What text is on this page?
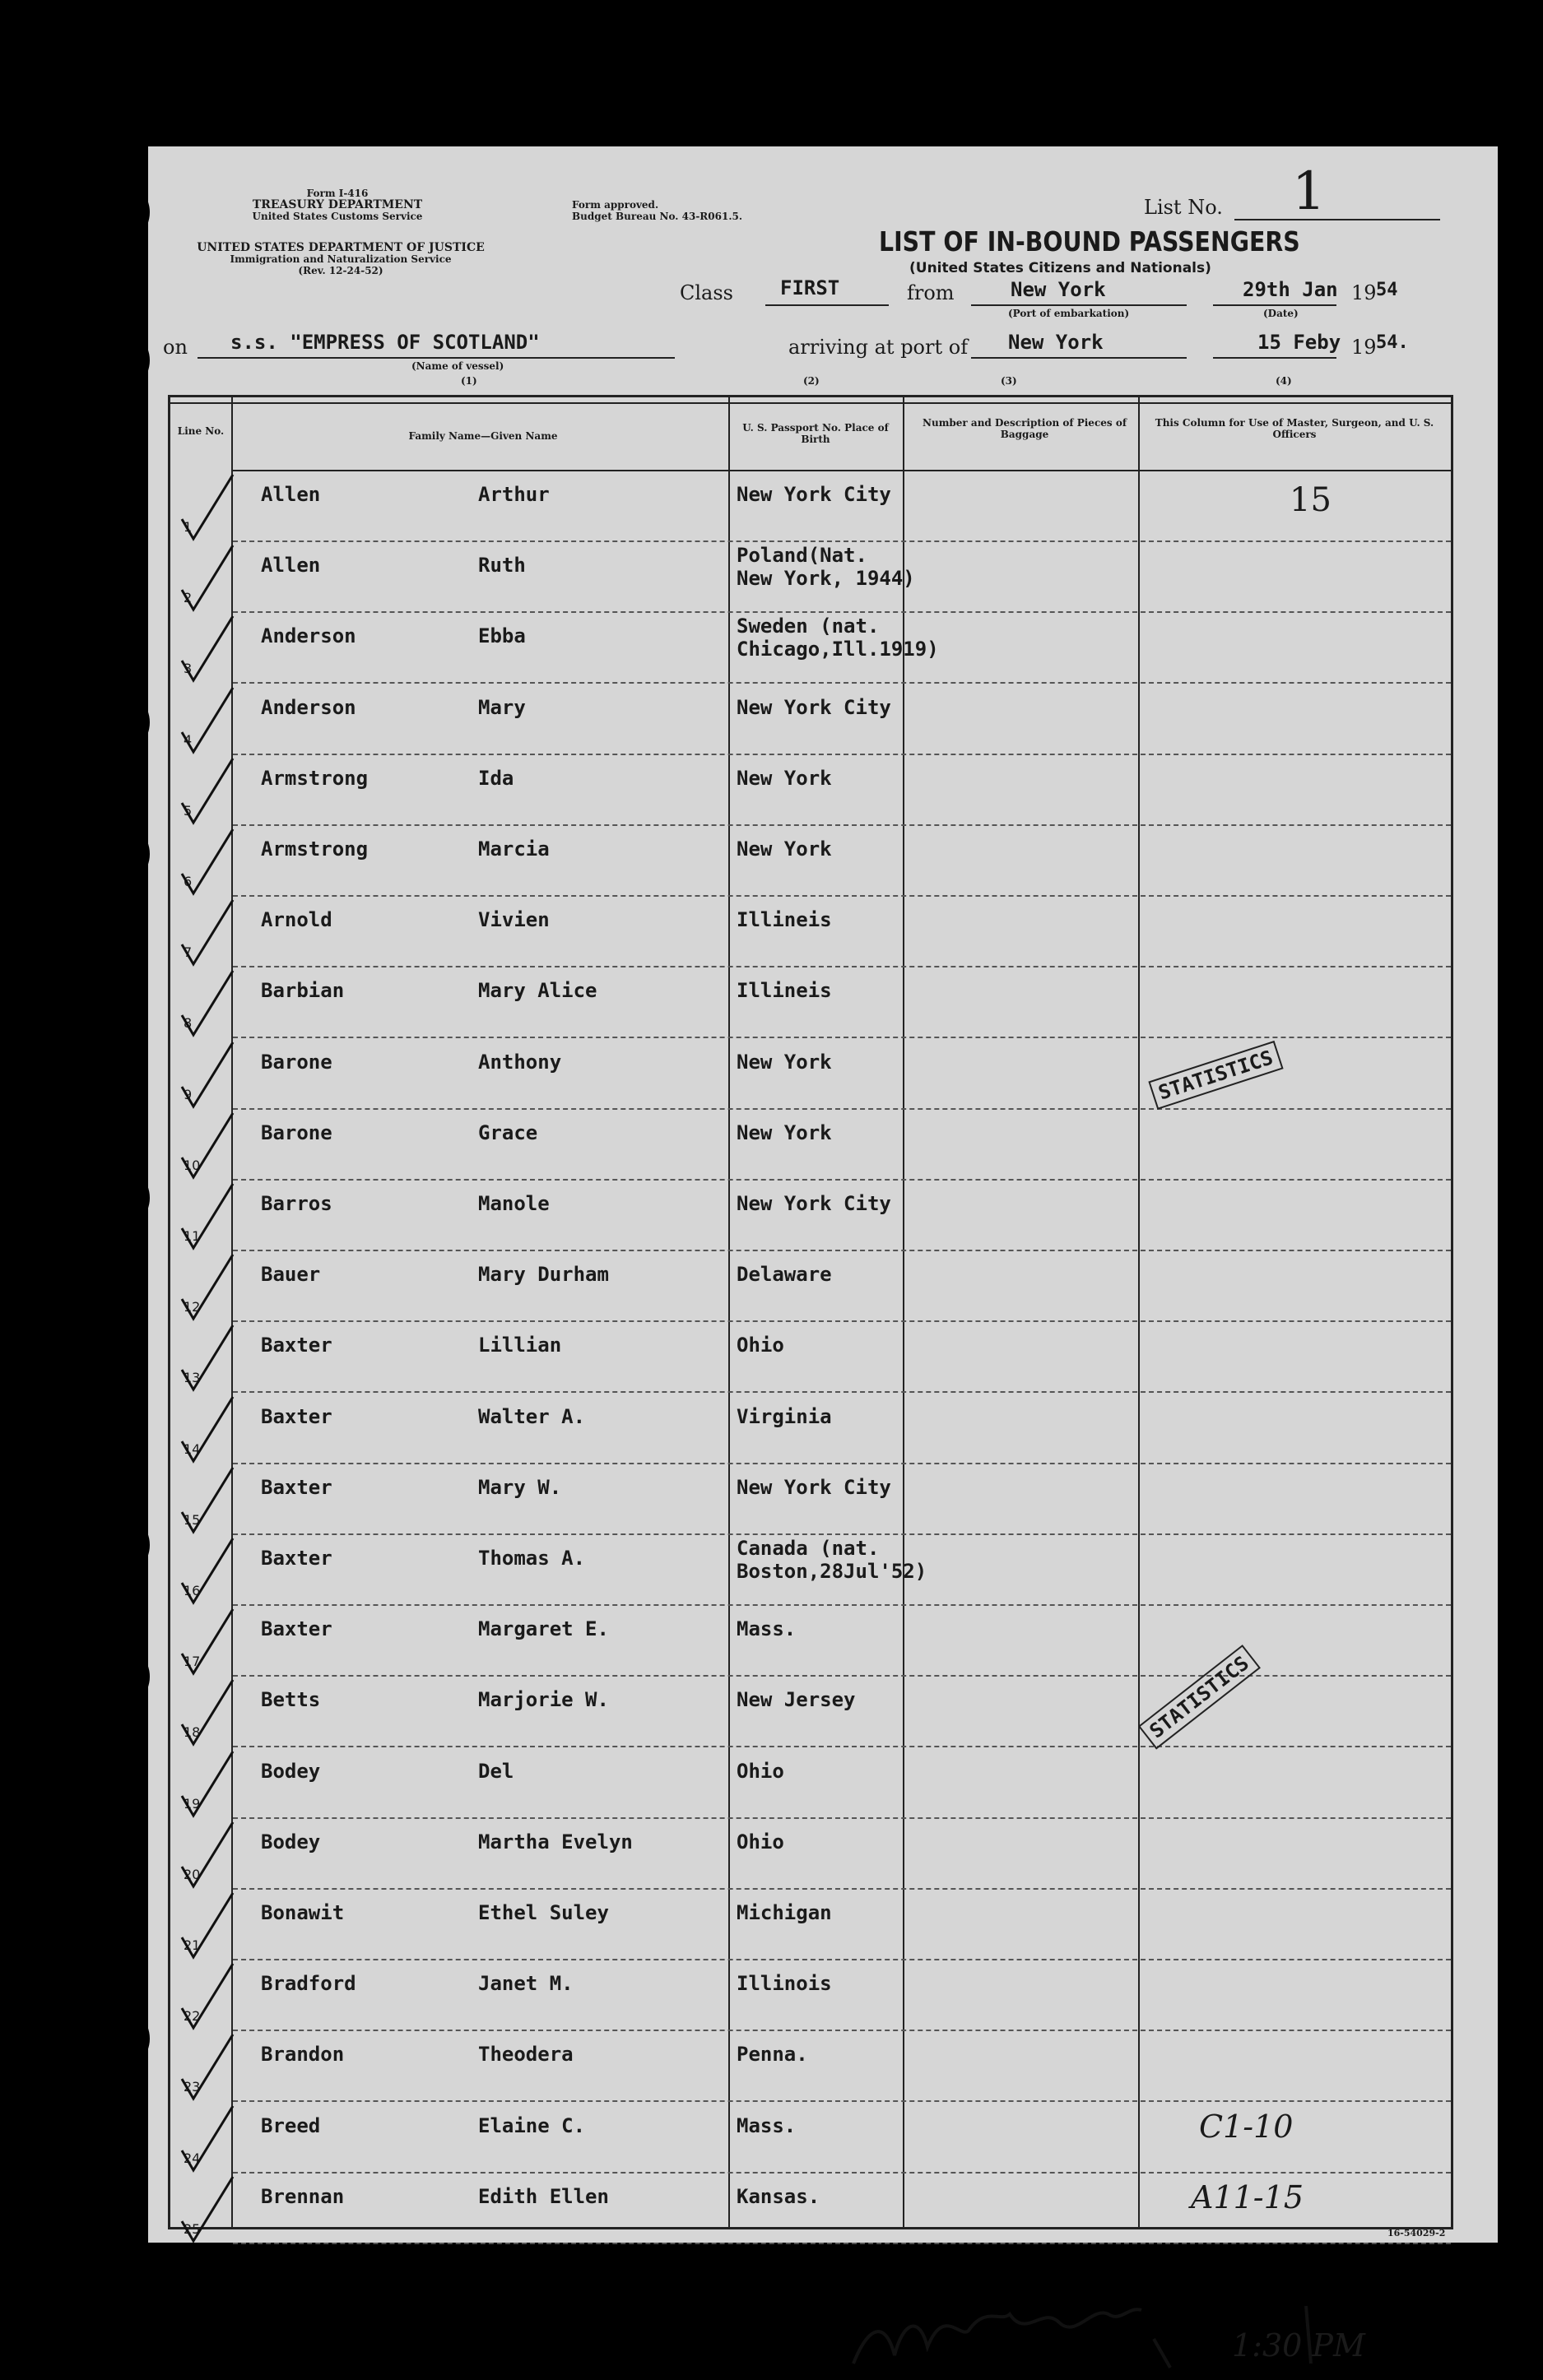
Form I-416
TREASURY DEPARTMENT
United States Customs Service
UNITED STATES DEPARTMENT OF JUSTICE
Immigration and Naturalization Service
(Rev. 12-24-52)
Form approved.
Budget Bureau No. 43-R061.5.	List No. 1
LIST OF IN-BOUND PASSENGERS
(United States Citizens and Nationals)
Class FIRST	from	New York
(Port of embarkation)
29th Jan
(Date)
19 54
on s.s. "EMPRESS OF SCOTLAND"
(Name of vessel)
(1)
arriving at port of
(2)
New York
(3)
15 Feby
(4)
19 54.
Line No.	Family Name—Given Name
U. S. Passport No. Place of Birth
Number and Description of Pieces of Baggage
This Column for Use of Master, Surgeon, and U. S. Officers
1
Allen	Arthur	New York City
2
Allen	Ruth	Poland(Nat.
New York, 1944)
3
Anderson	Ebba	Sweden (nat.
Chicago,Ill.1919)
4
Anderson	Mary	New York City
5
Armstrong	Ida	New York
6
Armstrong	Marcia	New York
7
Arnold	Vivien	Illineis
8
Barbian	Mary Alice	Illineis
9
Barone	Anthony	New York
10
Barone	Grace	New York
11
Barros	Manole	New York City
12
Bauer	Mary Durham	Delaware
13
Baxter	Lillian	Ohio
14
Baxter	Walter A.	Virginia
15
Baxter	Mary W.	New York City
16
Baxter	Thomas A.	Canada (nat.
Boston,28Jul'52)
17
Baxter	Margaret E.	Mass.
18
Betts	Marjorie W.	New Jersey
19
Bodey	Del	Ohio
20
Bodey	Martha Evelyn	Ohio
21
Bonawit	Ethel Suley	Michigan
22
Bradford	Janet M.	Illinois
23
Brandon	Theodera	Penna.
24
Breed	Elaine C.	Mass.
25
Brennan	Edith Ellen	Kansas.
15
STATISTICS
STATISTICS
C1-10
A11-15
1:30 PM
16-54029-2
